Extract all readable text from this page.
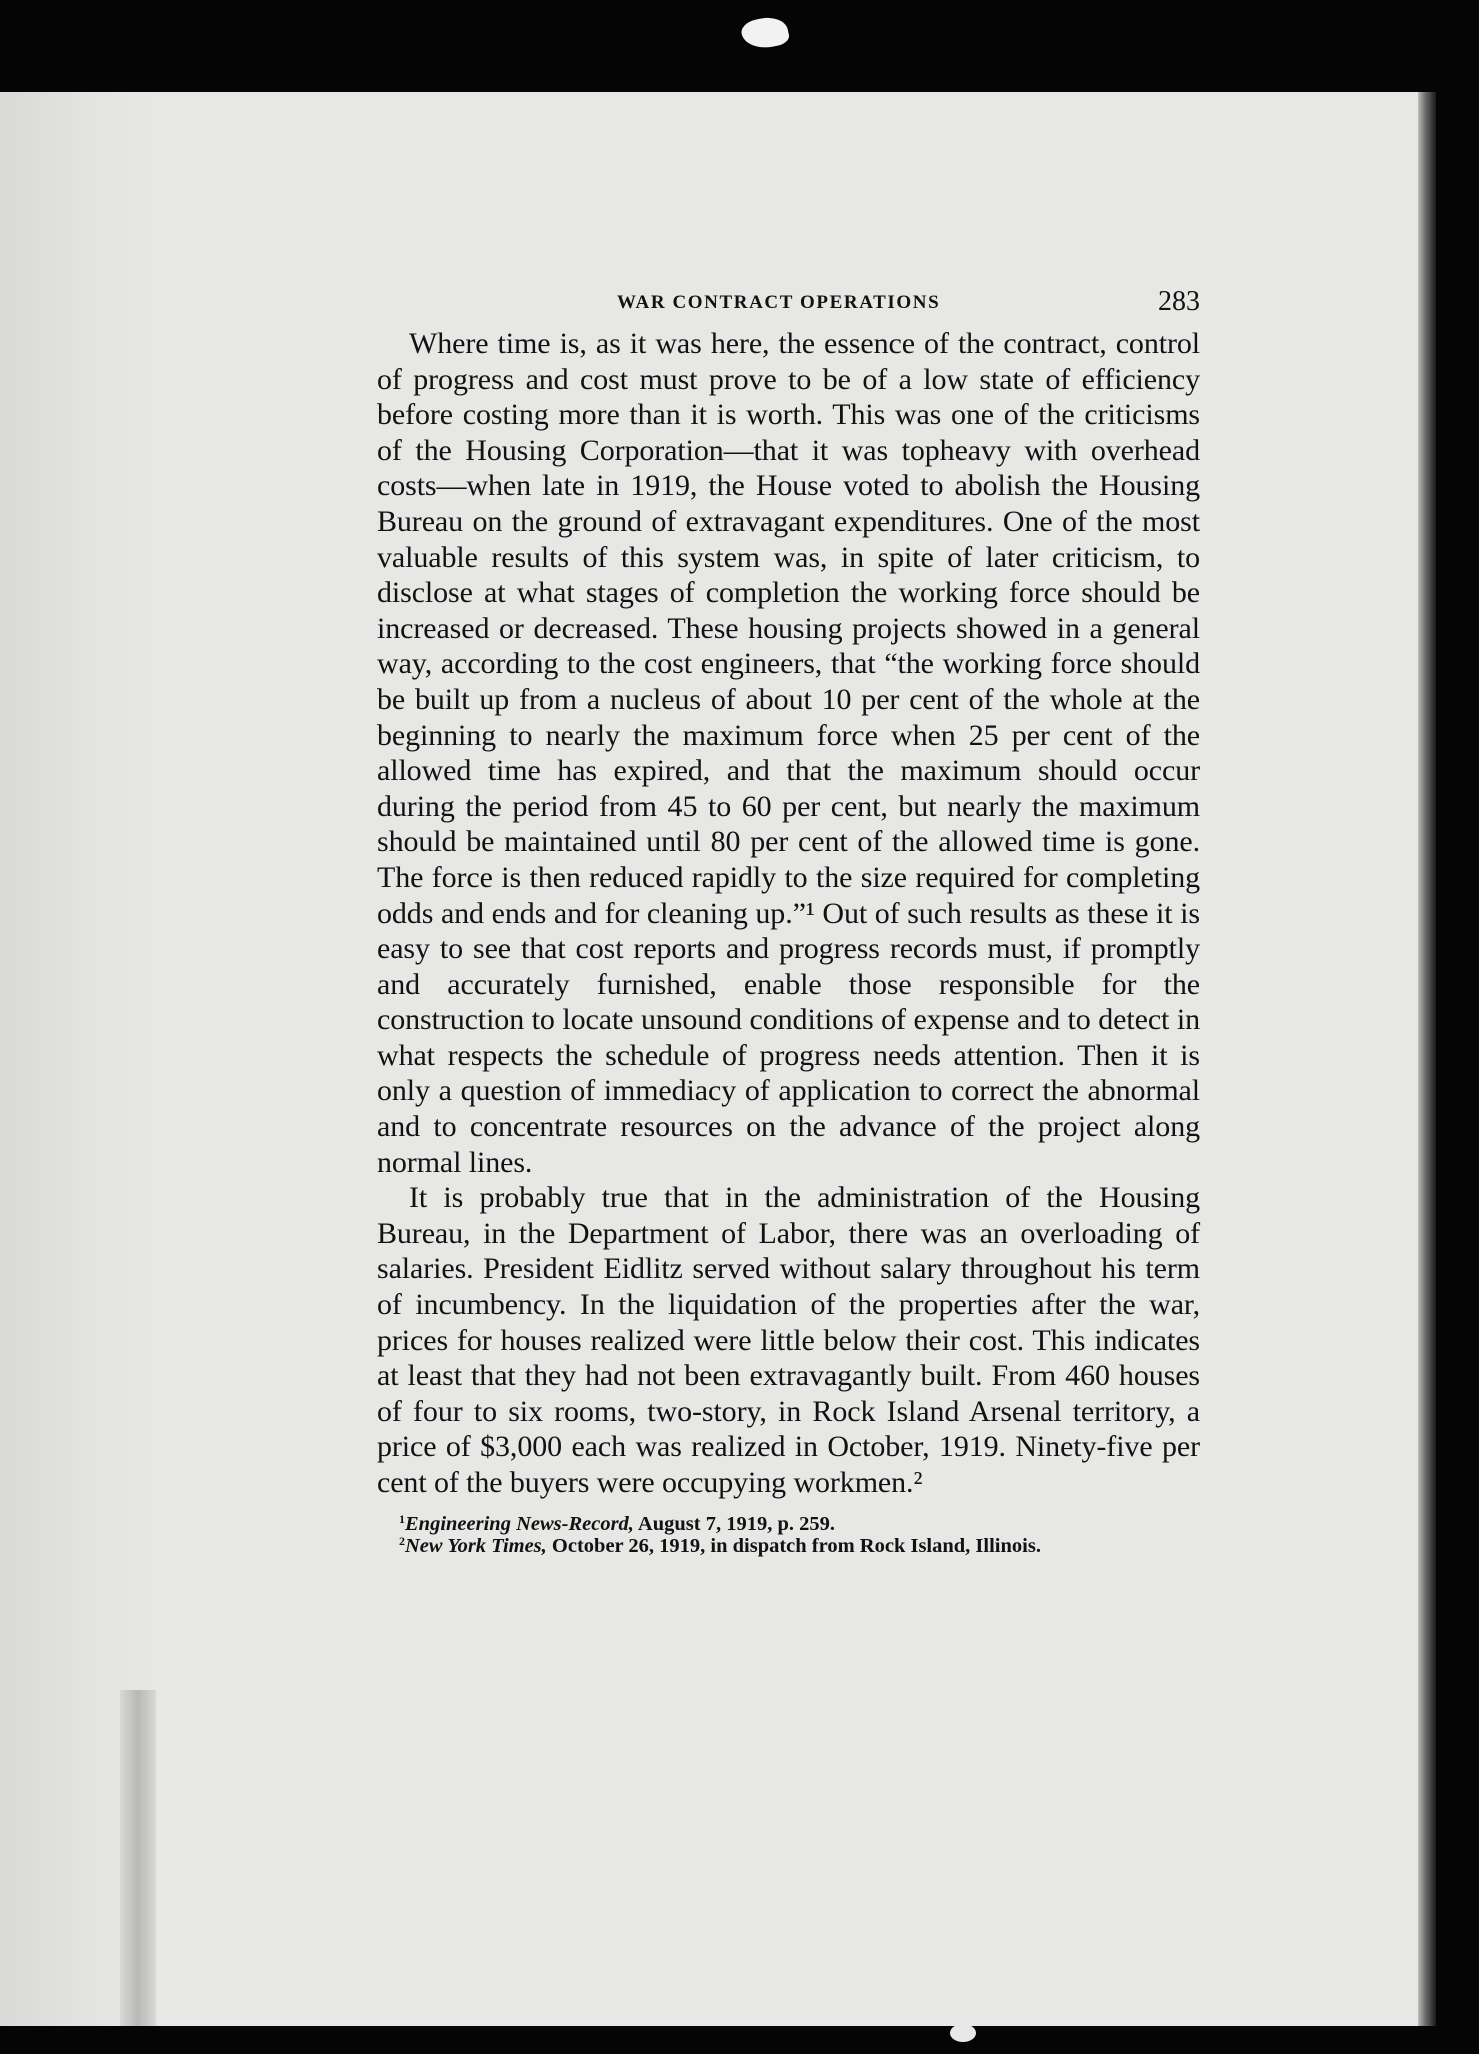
WAR CONTRACT OPERATIONS	283

Where time is, as it was here, the essence of the contract, control of progress and cost must prove to be of a low state of efficiency before costing more than it is worth. This was one of the criticisms of the Housing Corporation—that it was topheavy with overhead costs—when late in 1919, the House voted to abolish the Housing Bureau on the ground of extravagant expenditures. One of the most valuable results of this system was, in spite of later criticism, to disclose at what stages of completion the working force should be increased or decreased. These housing projects showed in a general way, according to the cost engineers, that “the working force should be built up from a nucleus of about 10 per cent of the whole at the beginning to nearly the maximum force when 25 per cent of the allowed time has expired, and that the maximum should occur during the period from 45 to 60 per cent, but nearly the maximum should be maintained until 80 per cent of the allowed time is gone. The force is then reduced rapidly to the size required for completing odds and ends and for cleaning up.”¹ Out of such results as these it is easy to see that cost reports and progress records must, if promptly and accurately furnished, enable those responsible for the construction to locate unsound conditions of expense and to detect in what respects the schedule of progress needs attention. Then it is only a question of immediacy of application to correct the abnormal and to concentrate resources on the advance of the project along normal lines.

It is probably true that in the administration of the Housing Bureau, in the Department of Labor, there was an overloading of salaries. President Eidlitz served without salary throughout his term of incumbency. In the liquidation of the properties after the war, prices for houses realized were little below their cost. This indicates at least that they had not been extravagantly built. From 460 houses of four to six rooms, two-story, in Rock Island Arsenal territory, a price of $3,000 each was realized in October, 1919. Ninety-five per cent of the buyers were occupying workmen.²

$^1$Engineering News-Record, August 7, 1919, p. 259.
$^2$New York Times, October 26, 1919, in dispatch from Rock Island, Illinois.
